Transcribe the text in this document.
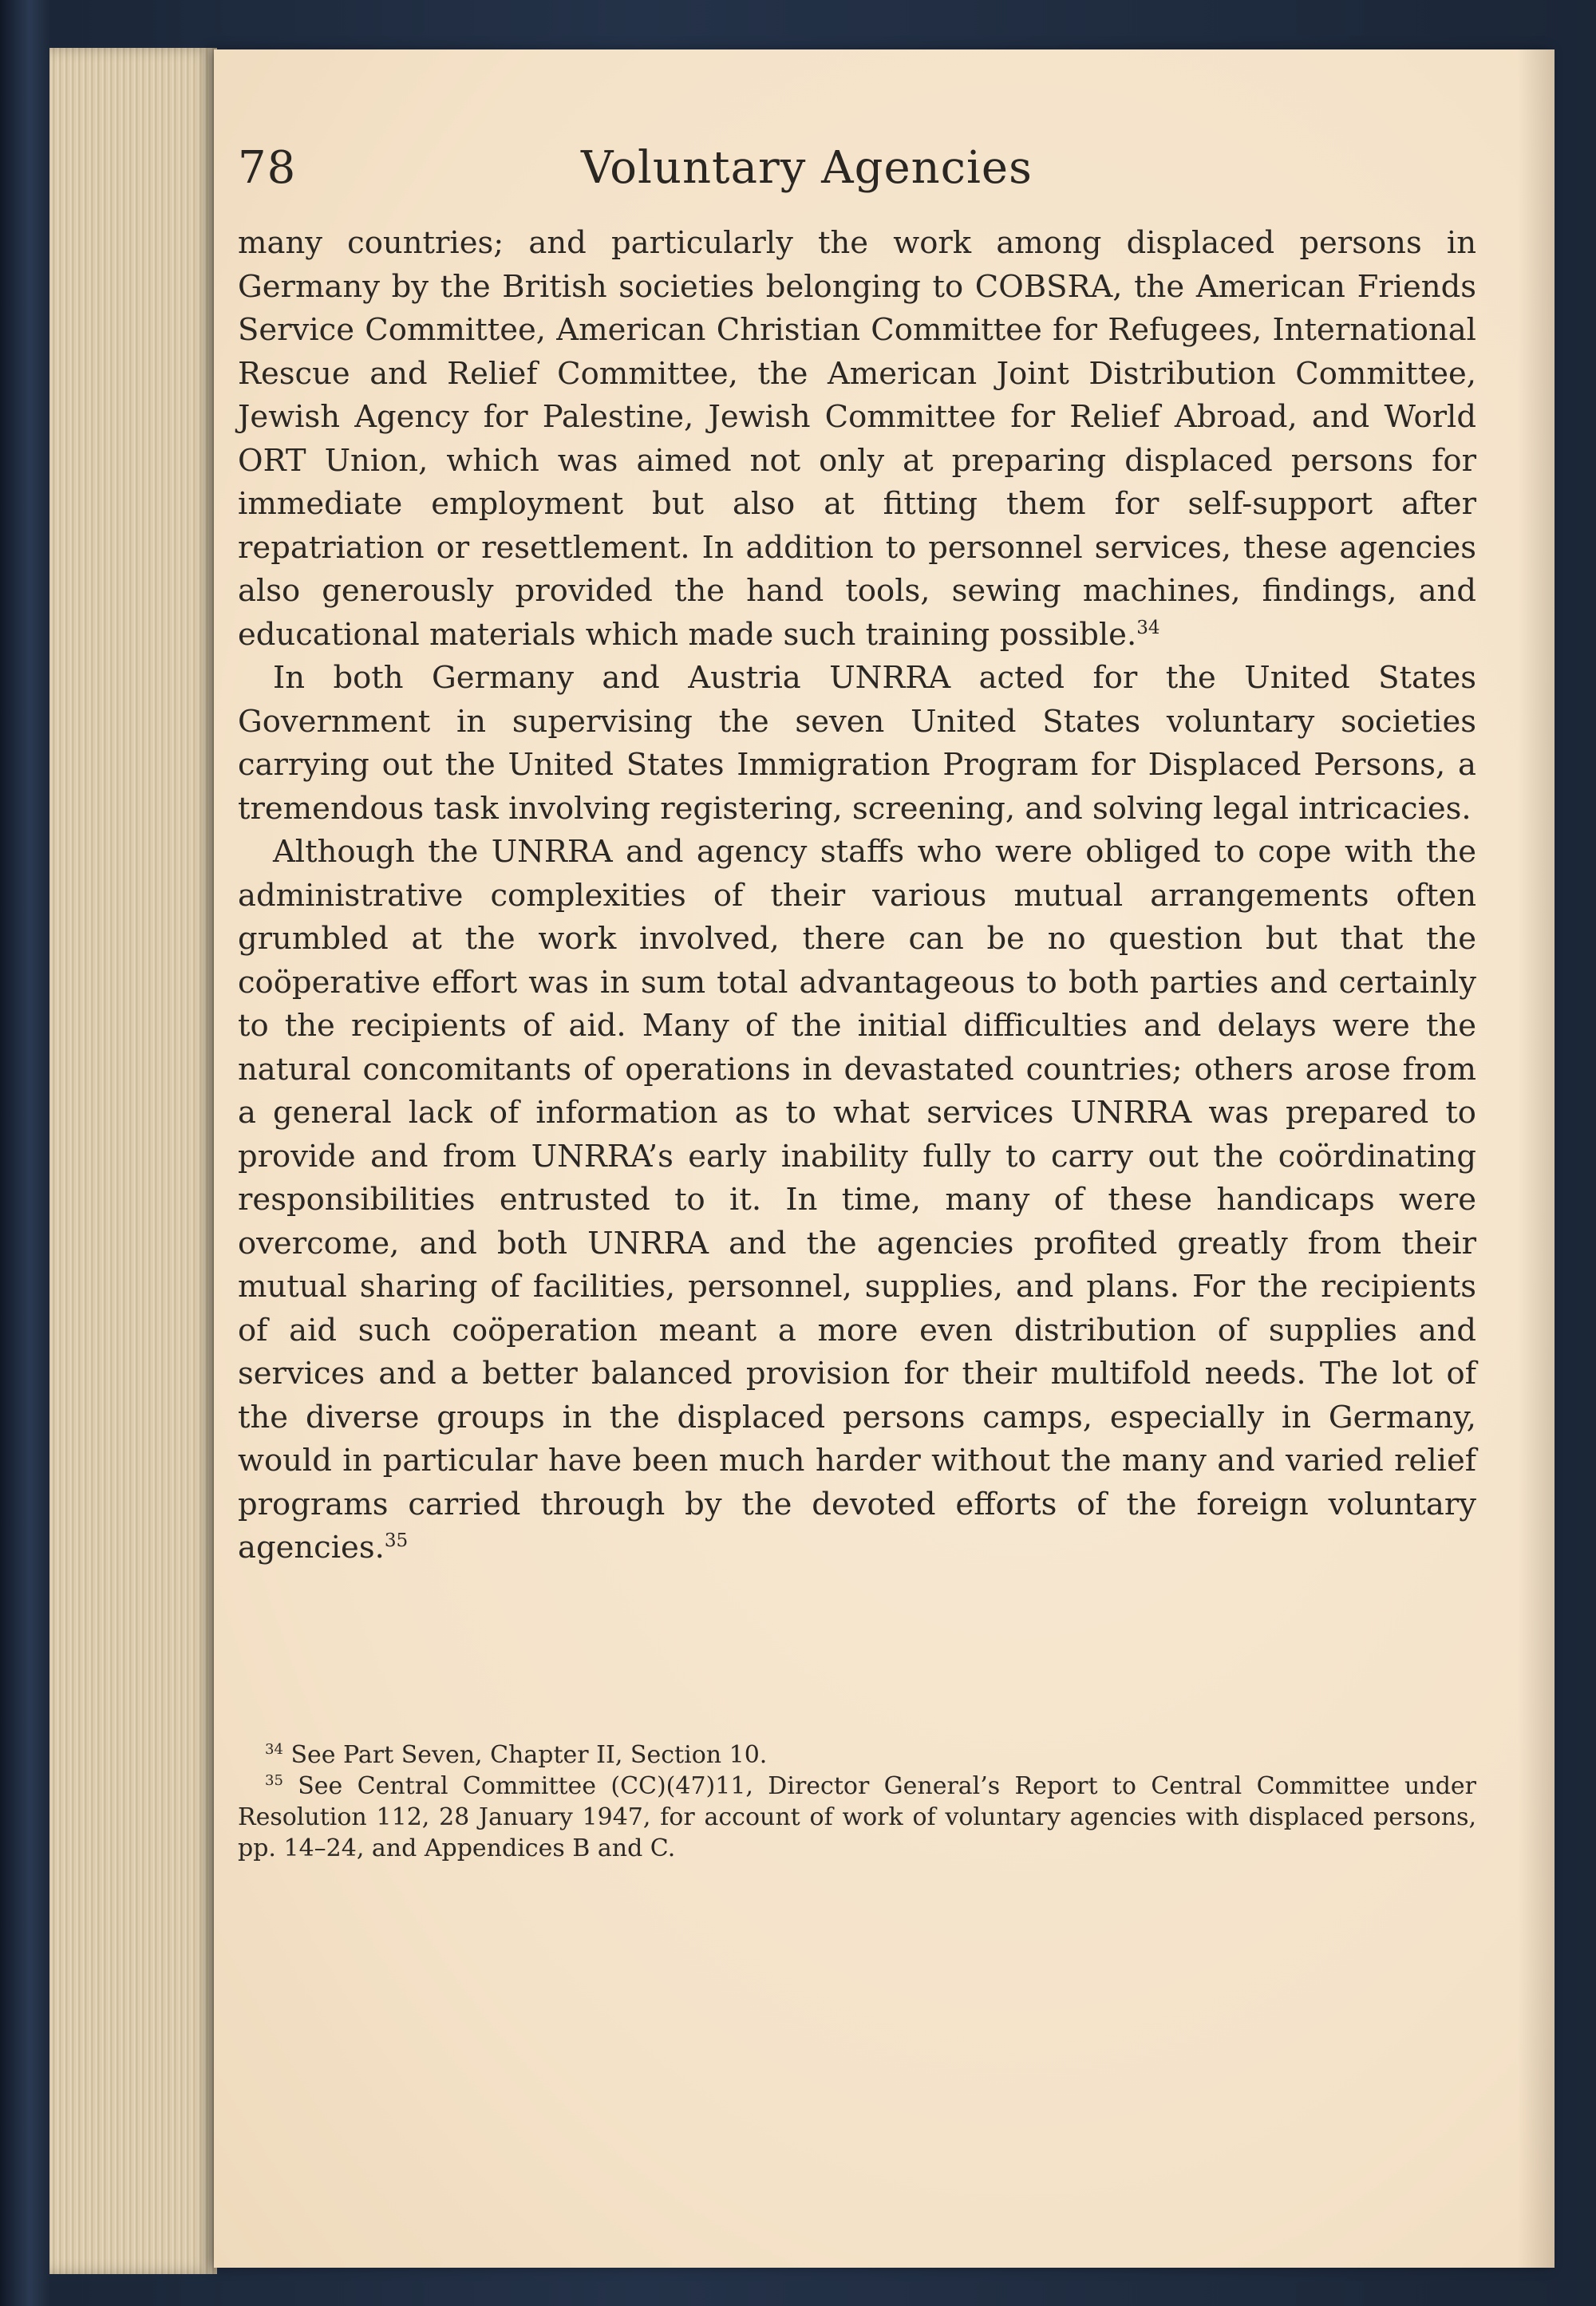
78	Voluntary Agencies

many countries; and particularly the work among displaced persons in Germany by the British societies belonging to COBSRA, the American Friends Service Committee, American Christian Committee for Refugees, International Rescue and Relief Committee, the American Joint Distribution Committee, Jewish Agency for Palestine, Jewish Committee for Relief Abroad, and World ORT Union, which was aimed not only at preparing displaced persons for immediate employment but also at fitting them for self-support after repatriation or resettlement. In addition to personnel services, these agencies also generously provided the hand tools, sewing machines, findings, and educational materials which made such training possible.$^{34}$

In both Germany and Austria UNRRA acted for the United States Government in supervising the seven United States voluntary societies carrying out the United States Immigration Program for Displaced Persons, a tremendous task involving registering, screening, and solving legal intricacies.

Although the UNRRA and agency staffs who were obliged to cope with the administrative complexities of their various mutual arrangements often grumbled at the work involved, there can be no question but that the coöperative effort was in sum total advantageous to both parties and certainly to the recipients of aid. Many of the initial difficulties and delays were the natural concomitants of operations in devastated countries; others arose from a general lack of information as to what services UNRRA was prepared to provide and from UNRRA’s early inability fully to carry out the coördinating responsibilities entrusted to it. In time, many of these handicaps were overcome, and both UNRRA and the agencies profited greatly from their mutual sharing of facilities, personnel, supplies, and plans. For the recipients of aid such coöperation meant a more even distribution of supplies and services and a better balanced provision for their multifold needs. The lot of the diverse groups in the displaced persons camps, especially in Germany, would in particular have been much harder without the many and varied relief programs carried through by the devoted efforts of the foreign voluntary agencies.$^{35}$

$^{34}$ See Part Seven, Chapter II, Section 10.

$^{35}$ See Central Committee (CC)(47)11, Director General’s Report to Central Committee under Resolution 112, 28 January 1947, for account of work of voluntary agencies with displaced persons, pp. 14–24, and Appendices B and C.
